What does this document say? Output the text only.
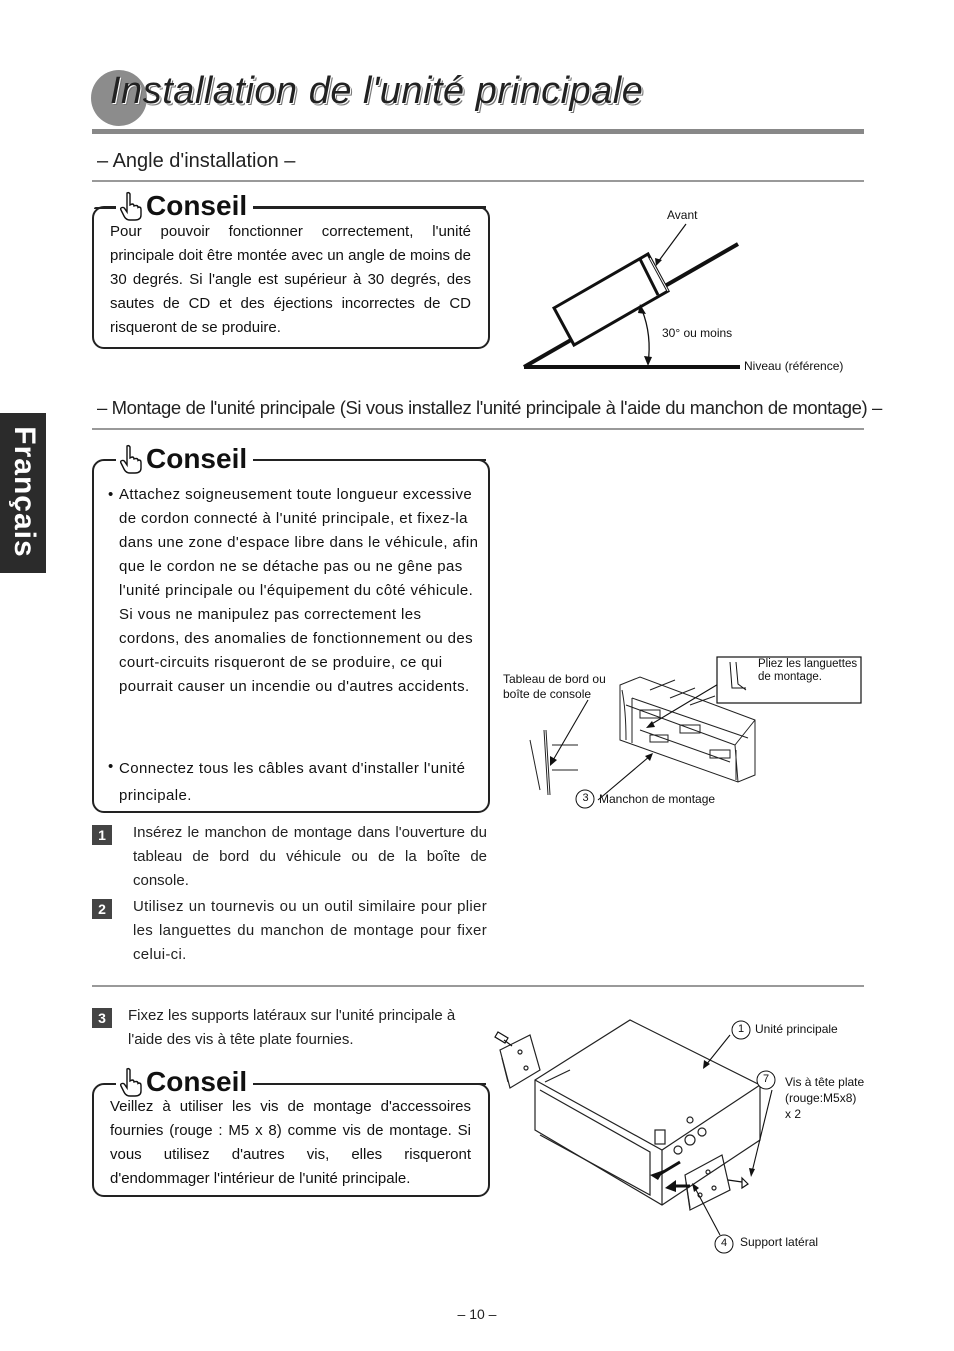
Installation de l'unité principale
Français
– Angle d'installation –
Conseil
Pour pouvoir fonctionner correctement, l'unité principale doit être montée avec un angle de moins de 30 degrés. Si l'angle est supérieur à 30 degrés, des sautes de CD et des éjections incorrectes de CD risqueront de se produire.
Avant
30° ou moins
Niveau (référence)
– Montage de l'unité principale (Si vous installez l'unité principale à l'aide du manchon de montage) –
Conseil
• Attachez soigneusement toute longueur excessive de cordon connecté à l'unité principale, et fixez-la dans une zone d'espace libre dans le véhicule, afin que le cordon ne se détache pas ou ne gêne pas l'unité principale ou l'équipement du côté véhicule. Si vous ne manipulez pas correctement les cordons, des anomalies de fonctionnement ou des court-circuits risqueront de se produire, ce qui pourrait causer un incendie ou d'autres accidents.
• Connectez tous les câbles avant d'installer l'unité principale.
1	Insérez le manchon de montage dans l'ouverture du tableau de bord du véhicule ou de la boîte de console.
2	Utilisez un tournevis ou un outil similaire pour plier les languettes du manchon de montage pour fixer celui-ci.
Tableau de bord ou boîte de console
Pliez les languettes de montage.
3 Manchon de montage
3	Fixez les supports latéraux sur l'unité principale à l'aide des vis à tête plate fournies.
Conseil
Veillez à utiliser les vis de montage d'accessoires fournies (rouge : M5 x 8) comme vis de montage. Si vous utilisez d'autres vis, elles risqueront d'endommager l'intérieur de l'unité principale.
1 Unité principale
7 Vis à tête plate (rouge:M5x8) x 2
4 Support latéral
– 10 –
